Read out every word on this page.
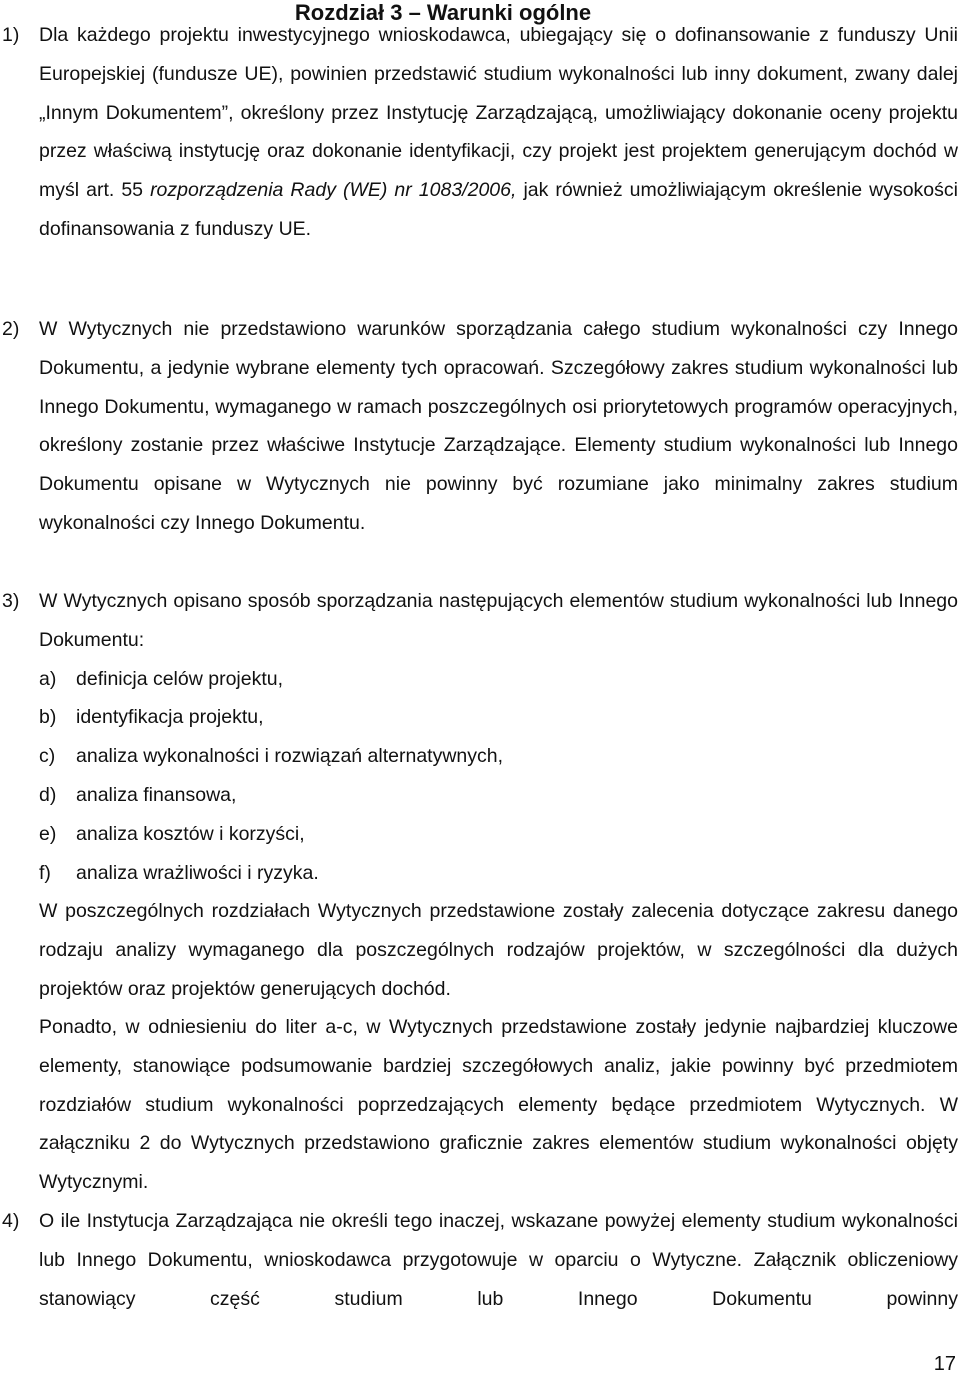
Rozdział 3 – Warunki ogólne
1) Dla każdego projektu inwestycyjnego wnioskodawca, ubiegający się o dofinansowanie z funduszy Unii Europejskiej (fundusze UE), powinien przedstawić studium wykonalności lub inny dokument, zwany dalej „Innym Dokumentem”, określony przez Instytucję Zarządzającą, umożliwiający dokonanie oceny projektu przez właściwą instytucję oraz dokonanie identyfikacji, czy projekt jest projektem generującym dochód w myśl art. 55 rozporządzenia Rady (WE) nr 1083/2006, jak również umożliwiającym określenie wysokości dofinansowania z funduszy UE.
2) W Wytycznych nie przedstawiono warunków sporządzania całego studium wykonalności czy Innego Dokumentu, a jedynie wybrane elementy tych opracowań. Szczegółowy zakres studium wykonalności lub Innego Dokumentu, wymaganego w ramach poszczególnych osi priorytetowych programów operacyjnych, określony zostanie przez właściwe Instytucje Zarządzające. Elementy studium wykonalności lub Innego Dokumentu opisane w Wytycznych nie powinny być rozumiane jako minimalny zakres studium wykonalności czy Innego Dokumentu.
3) W Wytycznych opisano sposób sporządzania następujących elementów studium wykonalności lub Innego Dokumentu:
a) definicja celów projektu,
b) identyfikacja projektu,
c) analiza wykonalności i rozwiązań alternatywnych,
d) analiza finansowa,
e) analiza kosztów i korzyści,
f) analiza wrażliwości i ryzyka.
W poszczególnych rozdziałach Wytycznych przedstawione zostały zalecenia dotyczące zakresu danego rodzaju analizy wymaganego dla poszczególnych rodzajów projektów, w szczególności dla dużych projektów oraz projektów generujących dochód.
Ponadto, w odniesieniu do liter a-c, w Wytycznych przedstawione zostały jedynie najbardziej kluczowe elementy, stanowiące podsumowanie bardziej szczegółowych analiz, jakie powinny być przedmiotem rozdziałów studium wykonalności poprzedzających elementy będące przedmiotem Wytycznych. W załączniku 2 do Wytycznych przedstawiono graficznie zakres elementów studium wykonalności objęty Wytycznymi.
4) O ile Instytucja Zarządzająca nie określi tego inaczej, wskazane powyżej elementy studium wykonalności lub Innego Dokumentu, wnioskodawca przygotowuje w oparciu o Wytyczne. Załącznik obliczeniowy stanowiący część studium lub Innego Dokumentu powinny
17
